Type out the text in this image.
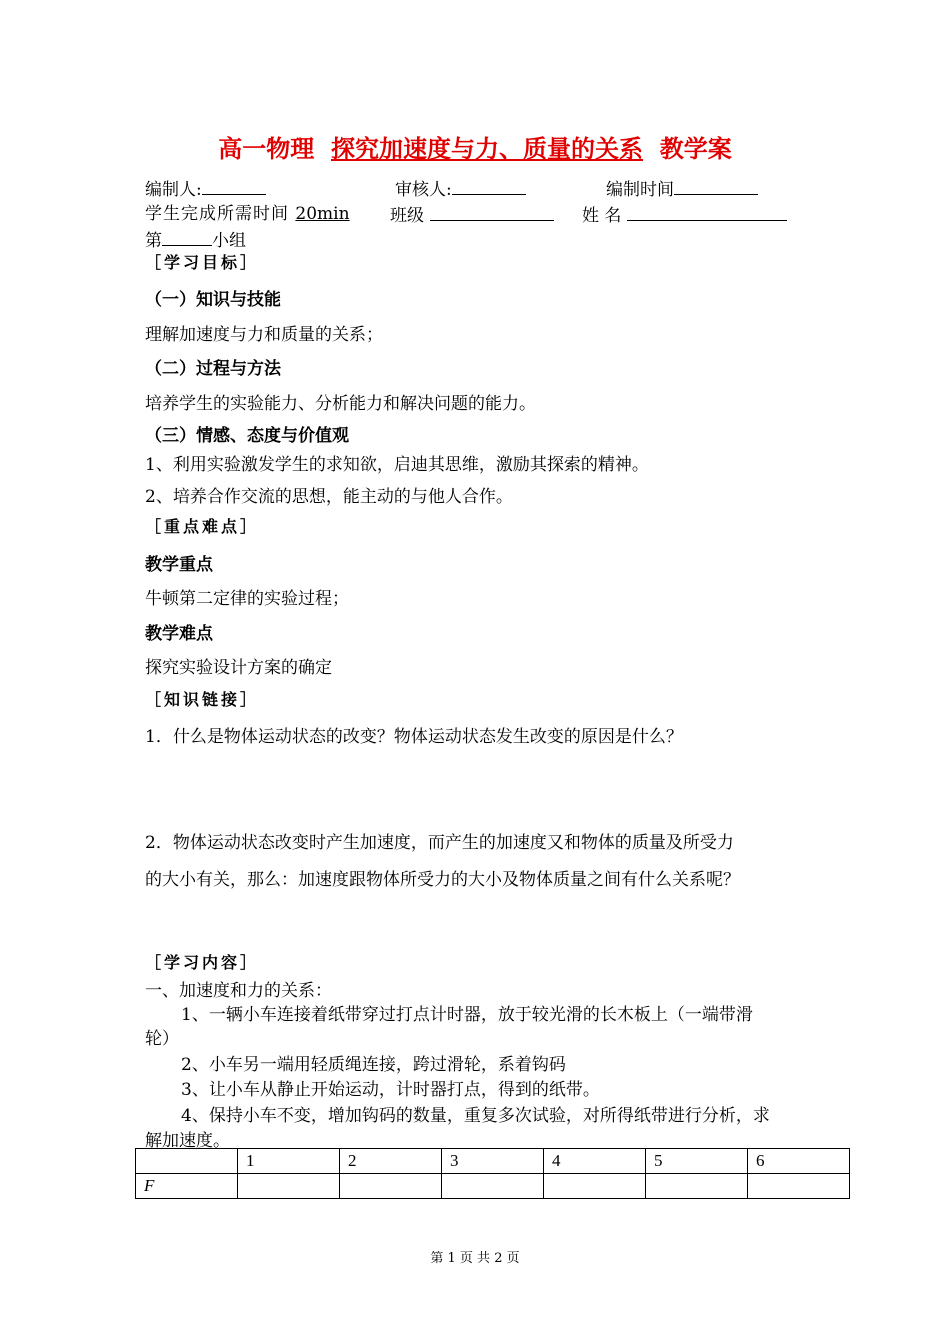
高一物理 探究加速度与力、质量的关系 教学案
编制人:	审核人:	编制时间
学生完成所需时间 20min 班级	姓 名
第	小组
［学习目标］
（一）知识与技能
理解加速度与力和质量的关系；
（二）过程与方法
培养学生的实验能力、分析能力和解决问题的能力。
（三）情感、态度与价值观
1、利用实验激发学生的求知欲，启迪其思维，激励其探索的精神。
2、培养合作交流的思想，能主动的与他人合作。
［重点难点］
教学重点
牛顿第二定律的实验过程；
教学难点
探究实验设计方案的确定
［知识链接］
1．什么是物体运动状态的改变？物体运动状态发生改变的原因是什么？
2．物体运动状态改变时产生加速度，而产生的加速度又和物体的质量及所受力
的大小有关，那么：加速度跟物体所受力的大小及物体质量之间有什么关系呢？
［学习内容］
一、加速度和力的关系：
1、一辆小车连接着纸带穿过打点计时器，放于较光滑的长木板上（一端带滑
轮）
2、小车另一端用轻质绳连接，跨过滑轮，系着钩码
3、让小车从静止开始运动，计时器打点，得到的纸带。
4、保持小车不变，增加钩码的数量，重复多次试验，对所得纸带进行分析，求
解加速度。
	1	2	3	4	5	6
F						
第 1 页 共 2 页
